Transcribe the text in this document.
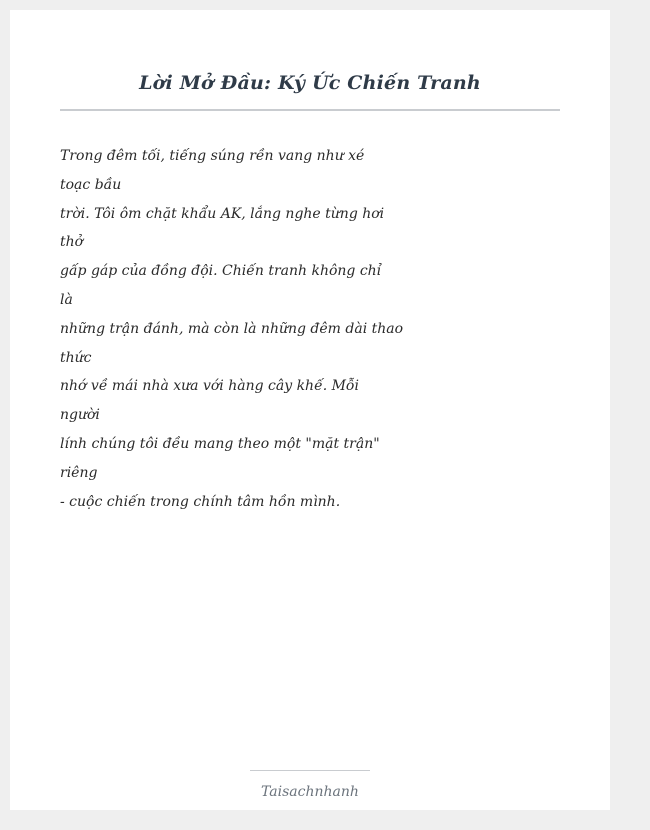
Lời Mở Đầu: Ký Ức Chiến Tranh
Trong đêm tối, tiếng súng rền vang như xé
toạc bầu
trời. Tôi ôm chặt khẩu AK, lắng nghe từng hơi
thở
gấp gáp của đồng đội. Chiến tranh không chỉ
là
những trận đánh, mà còn là những đêm dài thao
thức
nhớ về mái nhà xưa với hàng cây khế. Mỗi
người
lính chúng tôi đều mang theo một "mặt trận"
riêng
- cuộc chiến trong chính tâm hồn mình.
Taisachnhanh
